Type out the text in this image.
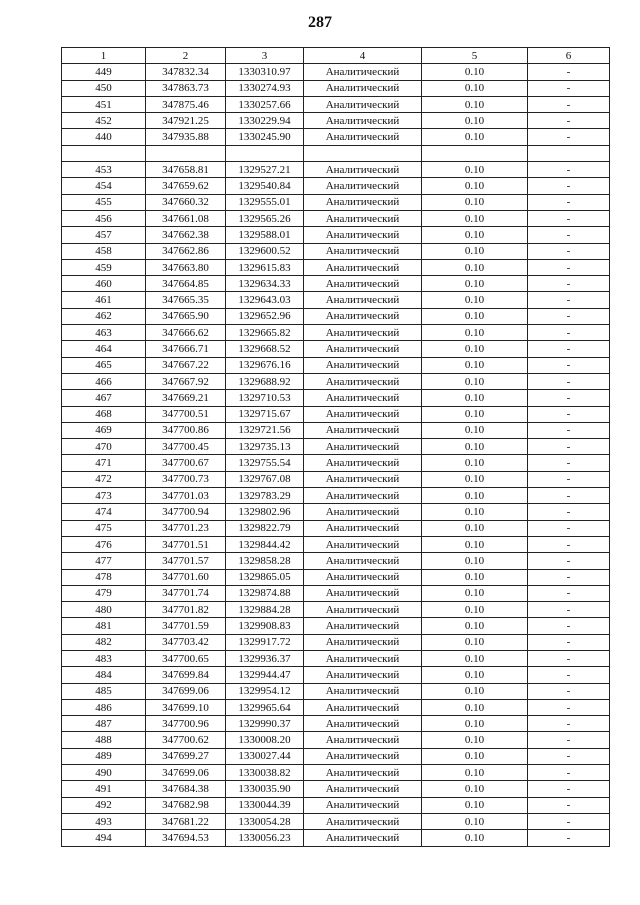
287
1	2	3	4	5	6
449	347832.34	1330310.97	Аналитический	0.10	-
450	347863.73	1330274.93	Аналитический	0.10	-
451	347875.46	1330257.66	Аналитический	0.10	-
452	347921.25	1330229.94	Аналитический	0.10	-
440	347935.88	1330245.90	Аналитический	0.10	-

453	347658.81	1329527.21	Аналитический	0.10	-
454	347659.62	1329540.84	Аналитический	0.10	-
455	347660.32	1329555.01	Аналитический	0.10	-
456	347661.08	1329565.26	Аналитический	0.10	-
457	347662.38	1329588.01	Аналитический	0.10	-
458	347662.86	1329600.52	Аналитический	0.10	-
459	347663.80	1329615.83	Аналитический	0.10	-
460	347664.85	1329634.33	Аналитический	0.10	-
461	347665.35	1329643.03	Аналитический	0.10	-
462	347665.90	1329652.96	Аналитический	0.10	-
463	347666.62	1329665.82	Аналитический	0.10	-
464	347666.71	1329668.52	Аналитический	0.10	-
465	347667.22	1329676.16	Аналитический	0.10	-
466	347667.92	1329688.92	Аналитический	0.10	-
467	347669.21	1329710.53	Аналитический	0.10	-
468	347700.51	1329715.67	Аналитический	0.10	-
469	347700.86	1329721.56	Аналитический	0.10	-
470	347700.45	1329735.13	Аналитический	0.10	-
471	347700.67	1329755.54	Аналитический	0.10	-
472	347700.73	1329767.08	Аналитический	0.10	-
473	347701.03	1329783.29	Аналитический	0.10	-
474	347700.94	1329802.96	Аналитический	0.10	-
475	347701.23	1329822.79	Аналитический	0.10	-
476	347701.51	1329844.42	Аналитический	0.10	-
477	347701.57	1329858.28	Аналитический	0.10	-
478	347701.60	1329865.05	Аналитический	0.10	-
479	347701.74	1329874.88	Аналитический	0.10	-
480	347701.82	1329884.28	Аналитический	0.10	-
481	347701.59	1329908.83	Аналитический	0.10	-
482	347703.42	1329917.72	Аналитический	0.10	-
483	347700.65	1329936.37	Аналитический	0.10	-
484	347699.84	1329944.47	Аналитический	0.10	-
485	347699.06	1329954.12	Аналитический	0.10	-
486	347699.10	1329965.64	Аналитический	0.10	-
487	347700.96	1329990.37	Аналитический	0.10	-
488	347700.62	1330008.20	Аналитический	0.10	-
489	347699.27	1330027.44	Аналитический	0.10	-
490	347699.06	1330038.82	Аналитический	0.10	-
491	347684.38	1330035.90	Аналитический	0.10	-
492	347682.98	1330044.39	Аналитический	0.10	-
493	347681.22	1330054.28	Аналитический	0.10	-
494	347694.53	1330056.23	Аналитический	0.10	-
